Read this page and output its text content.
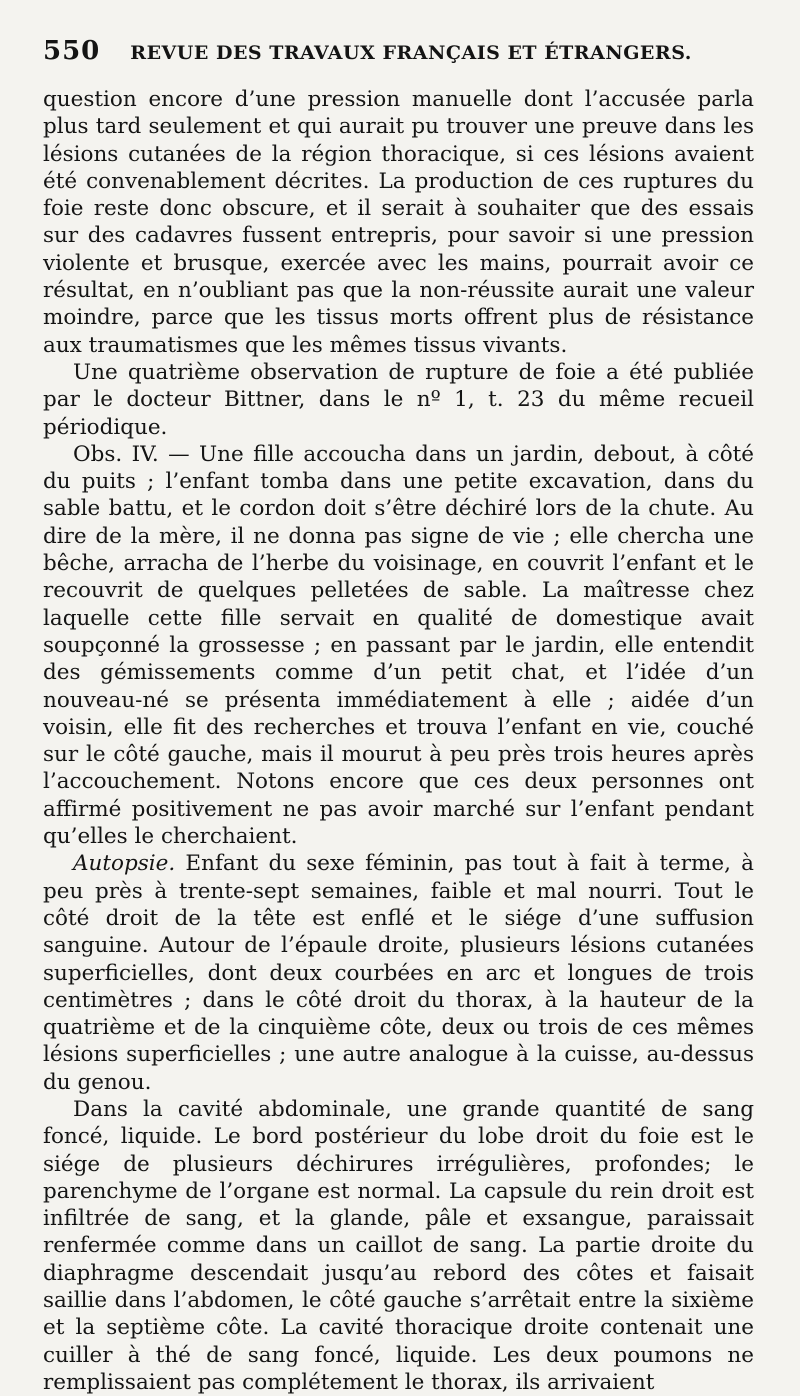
550 REVUE DES TRAVAUX FRANÇAIS ET ÉTRANGERS.

question encore d’une pression manuelle dont l’accusée parla plus tard seulement et qui aurait pu trouver une preuve dans les lésions cutanées de la région thoracique, si ces lésions avaient été convenablement décrites. La production de ces ruptures du foie reste donc obscure, et il serait à souhaiter que des essais sur des cadavres fussent entrepris, pour savoir si une pression violente et brusque, exercée avec les mains, pourrait avoir ce résultat, en n’oubliant pas que la non-réussite aurait une valeur moindre, parce que les tissus morts offrent plus de résistance aux traumatismes que les mêmes tissus vivants.

Une quatrième observation de rupture de foie a été publiée par le docteur Bittner, dans le nº 1, t. 23 du même recueil périodique.

Obs. IV. — Une fille accoucha dans un jardin, debout, à côté du puits ; l’enfant tomba dans une petite excavation, dans du sable battu, et le cordon doit s’être déchiré lors de la chute. Au dire de la mère, il ne donna pas signe de vie ; elle chercha une bêche, arracha de l’herbe du voisinage, en couvrit l’enfant et le recouvrit de quelques pelletées de sable. La maîtresse chez laquelle cette fille servait en qualité de domestique avait soupçonné la grossesse ; en passant par le jardin, elle entendit des gémissements comme d’un petit chat, et l’idée d’un nouveau-né se présenta immédiatement à elle ; aidée d’un voisin, elle fit des recherches et trouva l’enfant en vie, couché sur le côté gauche, mais il mourut à peu près trois heures après l’accouchement. Notons encore que ces deux personnes ont affirmé positivement ne pas avoir marché sur l’enfant pendant qu’elles le cherchaient.

Autopsie. Enfant du sexe féminin, pas tout à fait à terme, à peu près à trente-sept semaines, faible et mal nourri. Tout le côté droit de la tête est enflé et le siége d’une suffusion sanguine. Autour de l’épaule droite, plusieurs lésions cutanées superficielles, dont deux courbées en arc et longues de trois centimètres ; dans le côté droit du thorax, à la hauteur de la quatrième et de la cinquième côte, deux ou trois de ces mêmes lésions superficielles ; une autre analogue à la cuisse, au-dessus du genou.

Dans la cavité abdominale, une grande quantité de sang foncé, liquide. Le bord postérieur du lobe droit du foie est le siége de plusieurs déchirures irrégulières, profondes; le parenchyme de l’organe est normal. La capsule du rein droit est infiltrée de sang, et la glande, pâle et exsangue, paraissait renfermée comme dans un caillot de sang. La partie droite du diaphragme descendait jusqu’au rebord des côtes et faisait saillie dans l’abdomen, le côté gauche s’arrêtait entre la sixième et la septième côte. La cavité thoracique droite contenait une cuiller à thé de sang foncé, liquide. Les deux poumons ne remplissaient pas complétement le thorax, ils arrivaient
